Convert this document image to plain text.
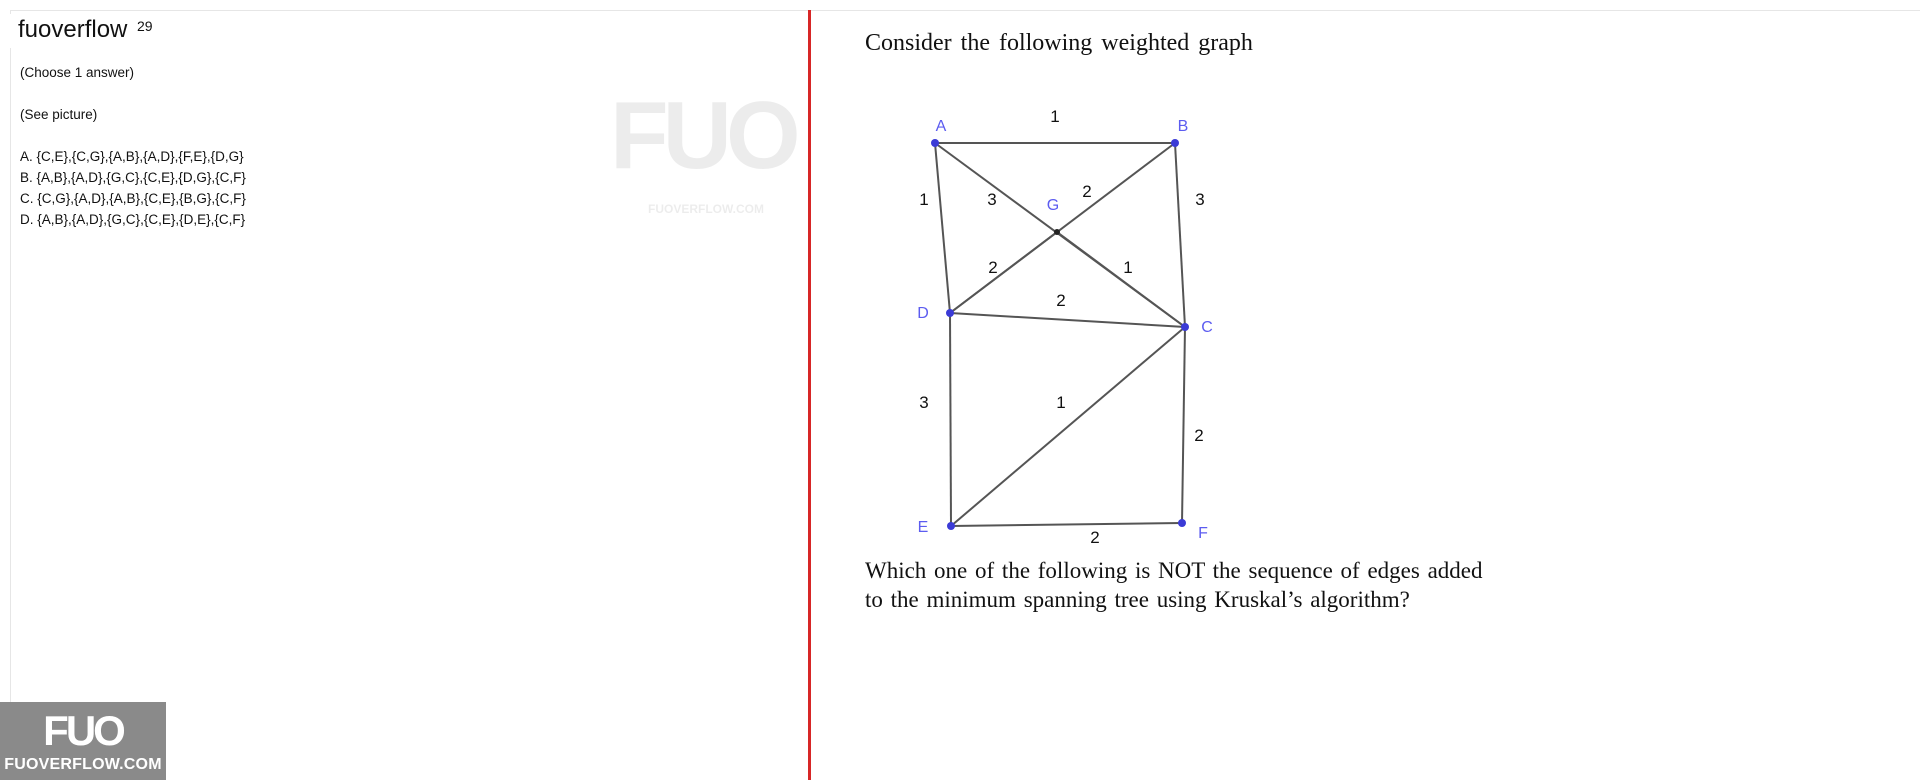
fuoverflow 29

(Choose 1 answer)

(See picture)

A. {C,E},{C,G},{A,B},{A,D},{F,E},{D,G}
B. {A,B},{A,D},{G,C},{C,E},{D,G},{C,F}
C. {C,G},{A,D},{A,B},{C,E},{B,G},{C,F}
D. {A,B},{A,D},{G,C},{C,E},{D,E},{C,F}
FUO
FUOVERFLOW.COM
Consider the following weighted graph
1
1	3	3
2
2	1
2
3	1
2
2
A	B
G
D
C
E	F
Which one of the following is NOT the sequence of edges added to the minimum spanning tree using Kruskal’s algorithm?
FUO
FUOVERFLOW.COM
